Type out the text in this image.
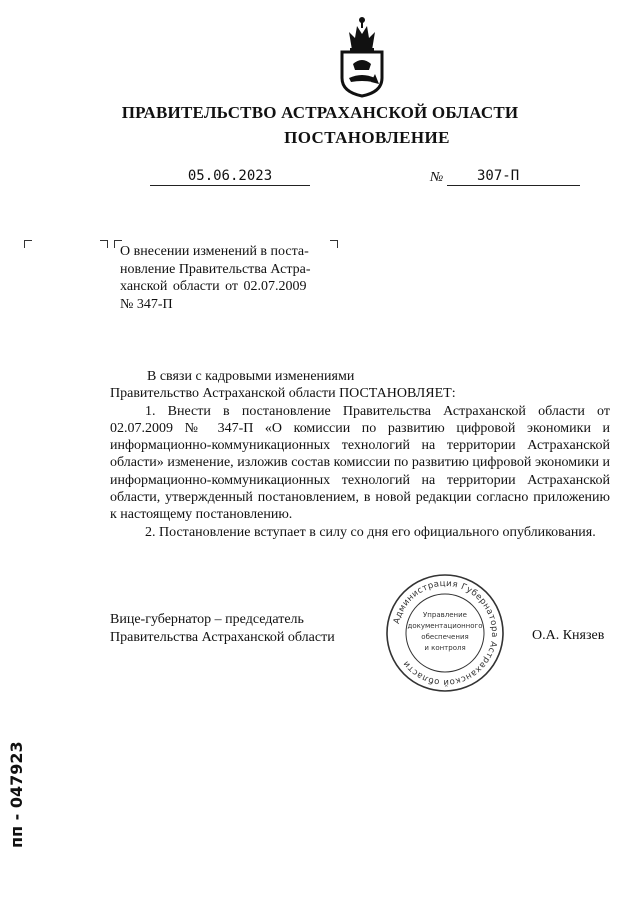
ПРАВИТЕЛЬСТВО АСТРАХАНСКОЙ ОБЛАСТИ
ПОСТАНОВЛЕНИЕ
05.06.2023	№	307-П

О внесении изменений в поста-

новление Правительства Астра-

ханской области от 02.07.2009

№ 347-П

В связи с кадровыми изменениями

Правительство Астраханской области ПОСТАНОВЛЯЕТ:

1. Внести в постановление Правительства Астраханской области от 02.07.2009 № 347-П «О комиссии по развитию цифровой экономики и информационно-коммуникационных технологий на территории Астраханской области» изменение, изложив состав комиссии по развитию цифровой экономики и информационно-коммуникационных технологий на территории Астраханской области, утвержденный постановлением, в новой редакции согласно приложению к настоящему постановлению.

2. Постановление вступает в силу со дня его официального опубликования.

Вице-губернатор – председатель
Правительства Астраханской области	О.А. Князев
Администрация Губернатора Астраханской области
Управление
документационного
обеспечения
и контроля
пп - 047923
